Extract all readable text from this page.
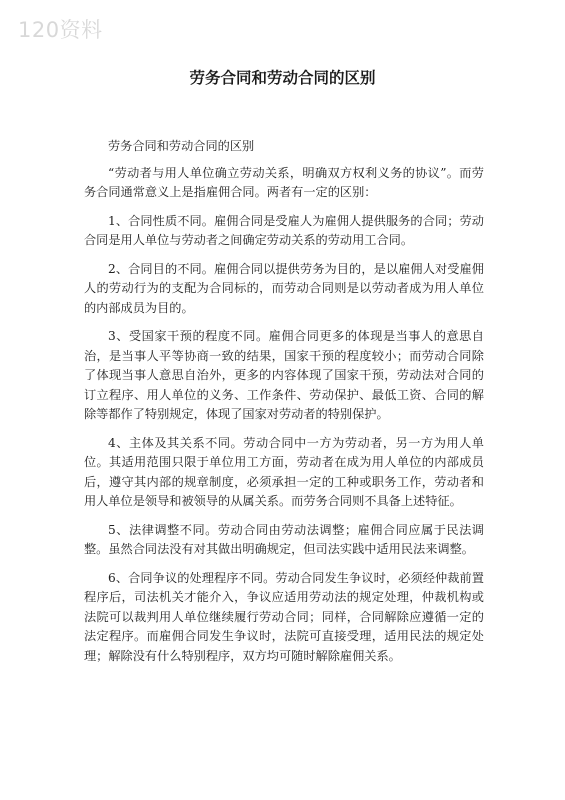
120资料
劳务合同和劳动合同的区别

劳务合同和劳动合同的区别

“劳动者与用人单位确立劳动关系，明确双方权利义务的协议”。而劳务合同通常意义上是指雇佣合同。两者有一定的区别：

1、合同性质不同。雇佣合同是受雇人为雇佣人提供服务的合同；劳动合同是用人单位与劳动者之间确定劳动关系的劳动用工合同。

2、合同目的不同。雇佣合同以提供劳务为目的，是以雇佣人对受雇佣人的劳动行为的支配为合同标的，而劳动合同则是以劳动者成为用人单位的内部成员为目的。

3、受国家干预的程度不同。雇佣合同更多的体现是当事人的意思自治，是当事人平等协商一致的结果，国家干预的程度较小；而劳动合同除了体现当事人意思自治外，更多的内容体现了国家干预，劳动法对合同的订立程序、用人单位的义务、工作条件、劳动保护、最低工资、合同的解除等都作了特别规定，体现了国家对劳动者的特别保护。

4、主体及其关系不同。劳动合同中一方为劳动者，另一方为用人单位。其适用范围只限于单位用工方面，劳动者在成为用人单位的内部成员后，遵守其内部的规章制度，必须承担一定的工种或职务工作，劳动者和用人单位是领导和被领导的从属关系。而劳务合同则不具备上述特征。

5、法律调整不同。劳动合同由劳动法调整；雇佣合同应属于民法调整。虽然合同法没有对其做出明确规定，但司法实践中适用民法来调整。

6、合同争议的处理程序不同。劳动合同发生争议时，必须经仲裁前置程序后，司法机关才能介入，争议应适用劳动法的规定处理，仲裁机构或法院可以裁判用人单位继续履行劳动合同；同样，合同解除应遵循一定的法定程序。而雇佣合同发生争议时，法院可直接受理，适用民法的规定处理；解除没有什么特别程序，双方均可随时解除雇佣关系。
